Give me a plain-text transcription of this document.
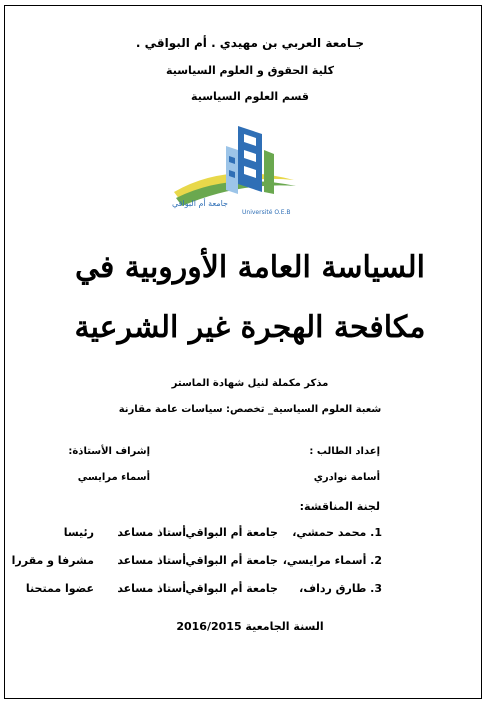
جـامعة العربي بن مهيدي . أم البواقي .
كلية الحقوق و العلوم السياسية
قسم العلوم السياسية
جامعة أم البواقي
Université O.E.B
السياسة العامة الأوروبية في
مكافحة الهجرة غير الشرعية
مذكر مكملة لنيل شهادة الماستر
شعبة العلوم السياسية_ تخصص: سياسات عامة مقارنة
إعداد الطالب :
أسامة نوادري
إشراف الأستاذة:
أسماء مرايسي
لجنة المناقشة:
1. محمد حمشي،
جامعة أم البواقي
أستاذ مساعد
رئيسا
2. أسماء مرايسي،
جامعة أم البواقي
أستاذ مساعد
مشرفا و مقررا
3. طارق رداف،
جامعة أم البواقي
أستاذ مساعد
عضوا ممتحنا
السنة الجامعية 2016/2015
